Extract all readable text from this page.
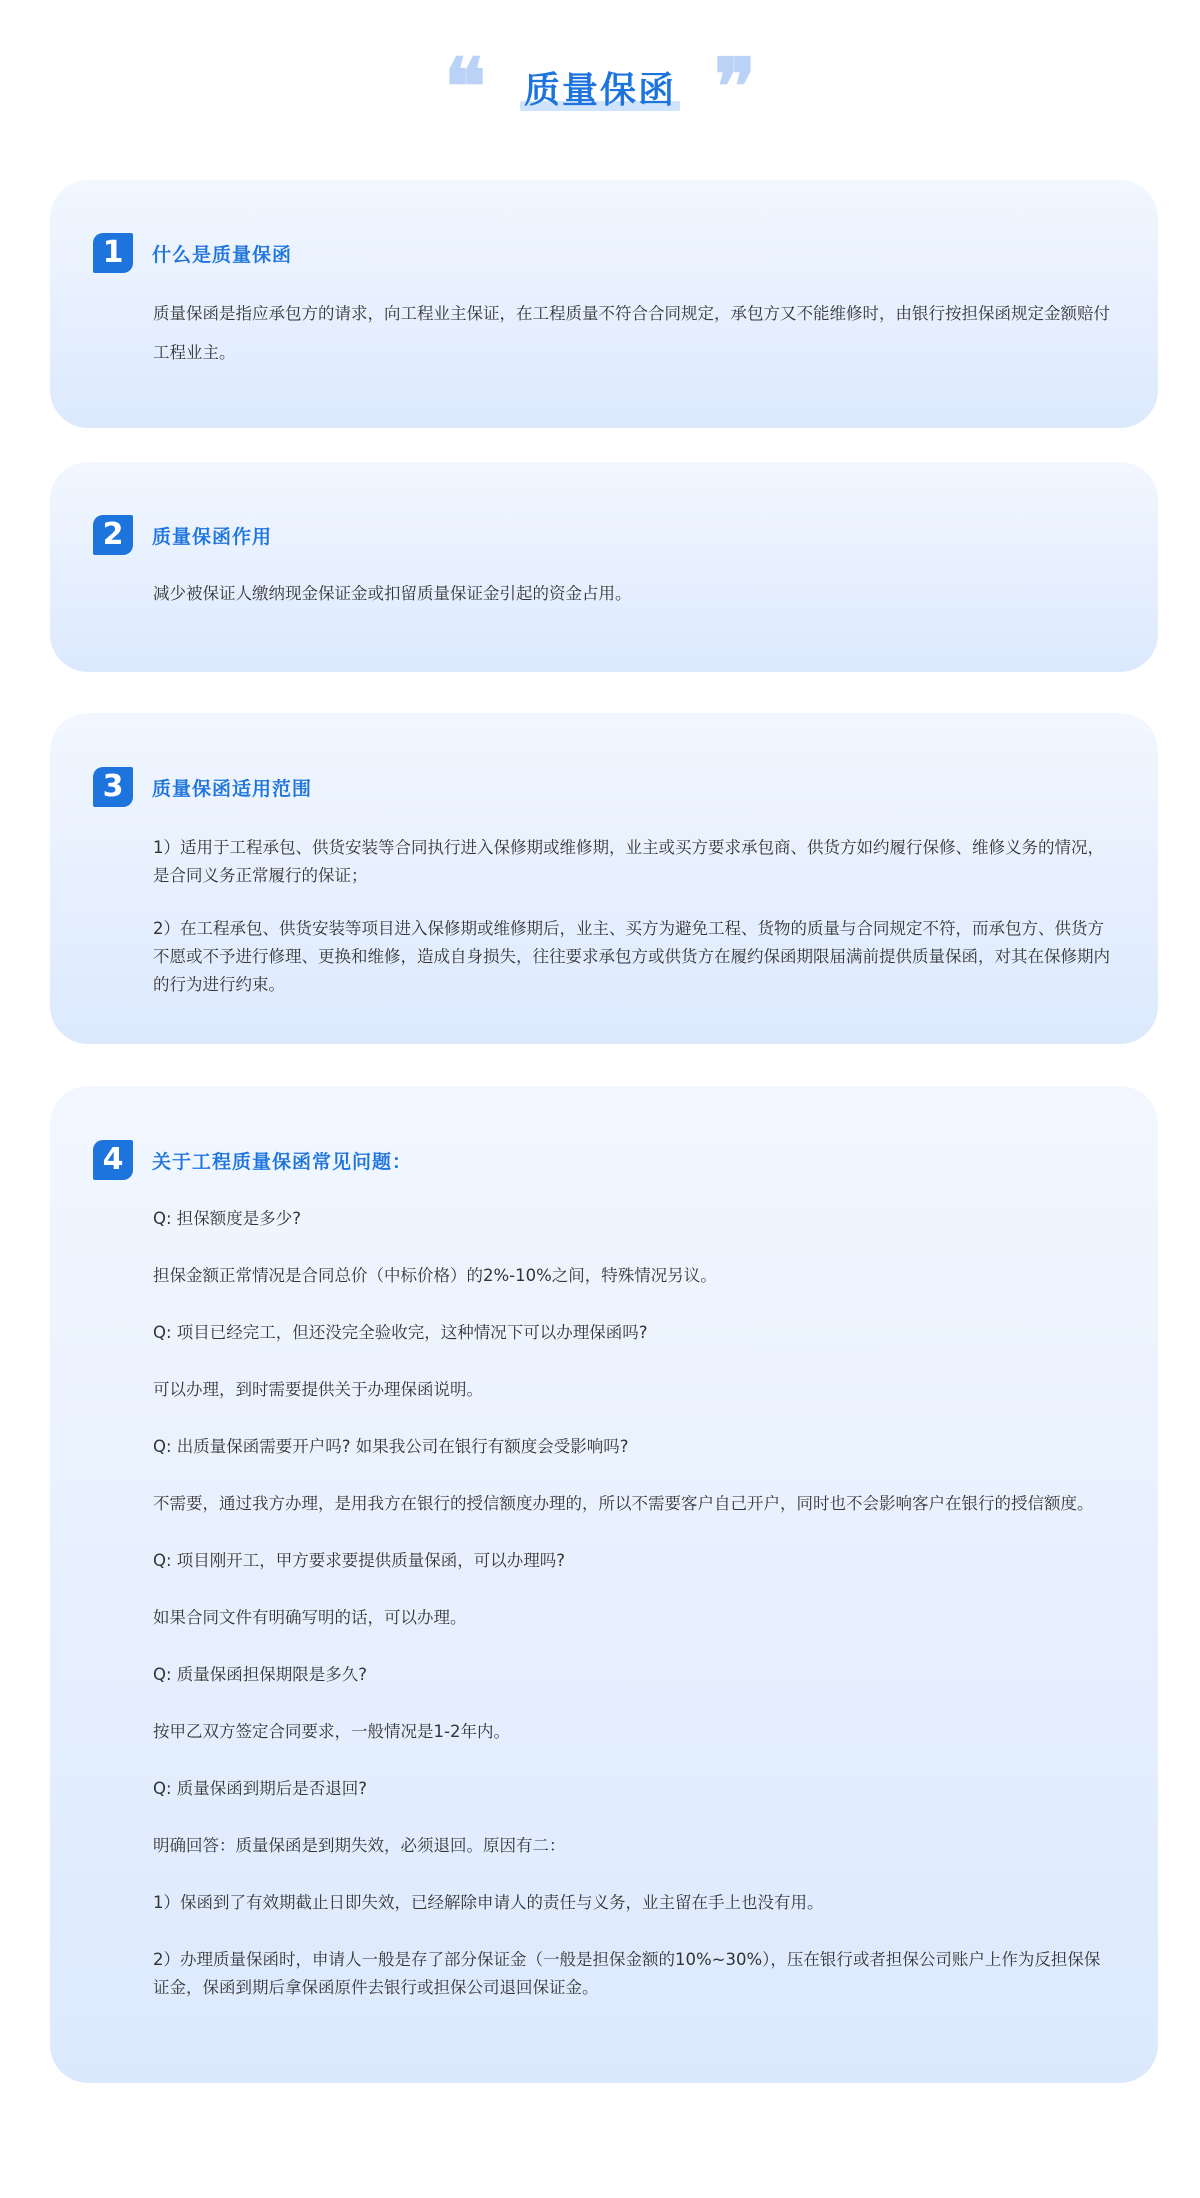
❝ 质量保函 ❞
1	什么是质量保函

质量保函是指应承包方的请求，向工程业主保证，在工程质量不符合合同规定，承包方又不能维修时，由银行按担保函规定金额赔付工程业主。

2	质量保函作用

减少被保证人缴纳现金保证金或扣留质量保证金引起的资金占用。

3	质量保函适用范围

1）适用于工程承包、供货安装等合同执行进入保修期或维修期，业主或买方要求承包商、供货方如约履行保修、维修义务的情况，是合同义务正常履行的保证；

2）在工程承包、供货安装等项目进入保修期或维修期后，业主、买方为避免工程、货物的质量与合同规定不符，而承包方、供货方不愿或不予进行修理、更换和维修，造成自身损失，往往要求承包方或供货方在履约保函期限届满前提供质量保函，对其在保修期内的行为进行约束。

4	关于工程质量保函常见问题：

Q: 担保额度是多少?

担保金额正常情况是合同总价（中标价格）的2%-10%之间，特殊情况另议。

Q: 项目已经完工，但还没完全验收完，这种情况下可以办理保函吗?

可以办理，到时需要提供关于办理保函说明。

Q: 出质量保函需要开户吗? 如果我公司在银行有额度会受影响吗?

不需要，通过我方办理，是用我方在银行的授信额度办理的，所以不需要客户自己开户，同时也不会影响客户在银行的授信额度。

Q: 项目刚开工，甲方要求要提供质量保函，可以办理吗?

如果合同文件有明确写明的话，可以办理。

Q: 质量保函担保期限是多久?

按甲乙双方签定合同要求，一般情况是1-2年内。

Q: 质量保函到期后是否退回?

明确回答：质量保函是到期失效，必须退回。原因有二：

1）保函到了有效期截止日即失效，已经解除申请人的责任与义务，业主留在手上也没有用。

2）办理质量保函时，申请人一般是存了部分保证金（一般是担保金额的10%~30%），压在银行或者担保公司账户上作为反担保保证金，保函到期后拿保函原件去银行或担保公司退回保证金。
